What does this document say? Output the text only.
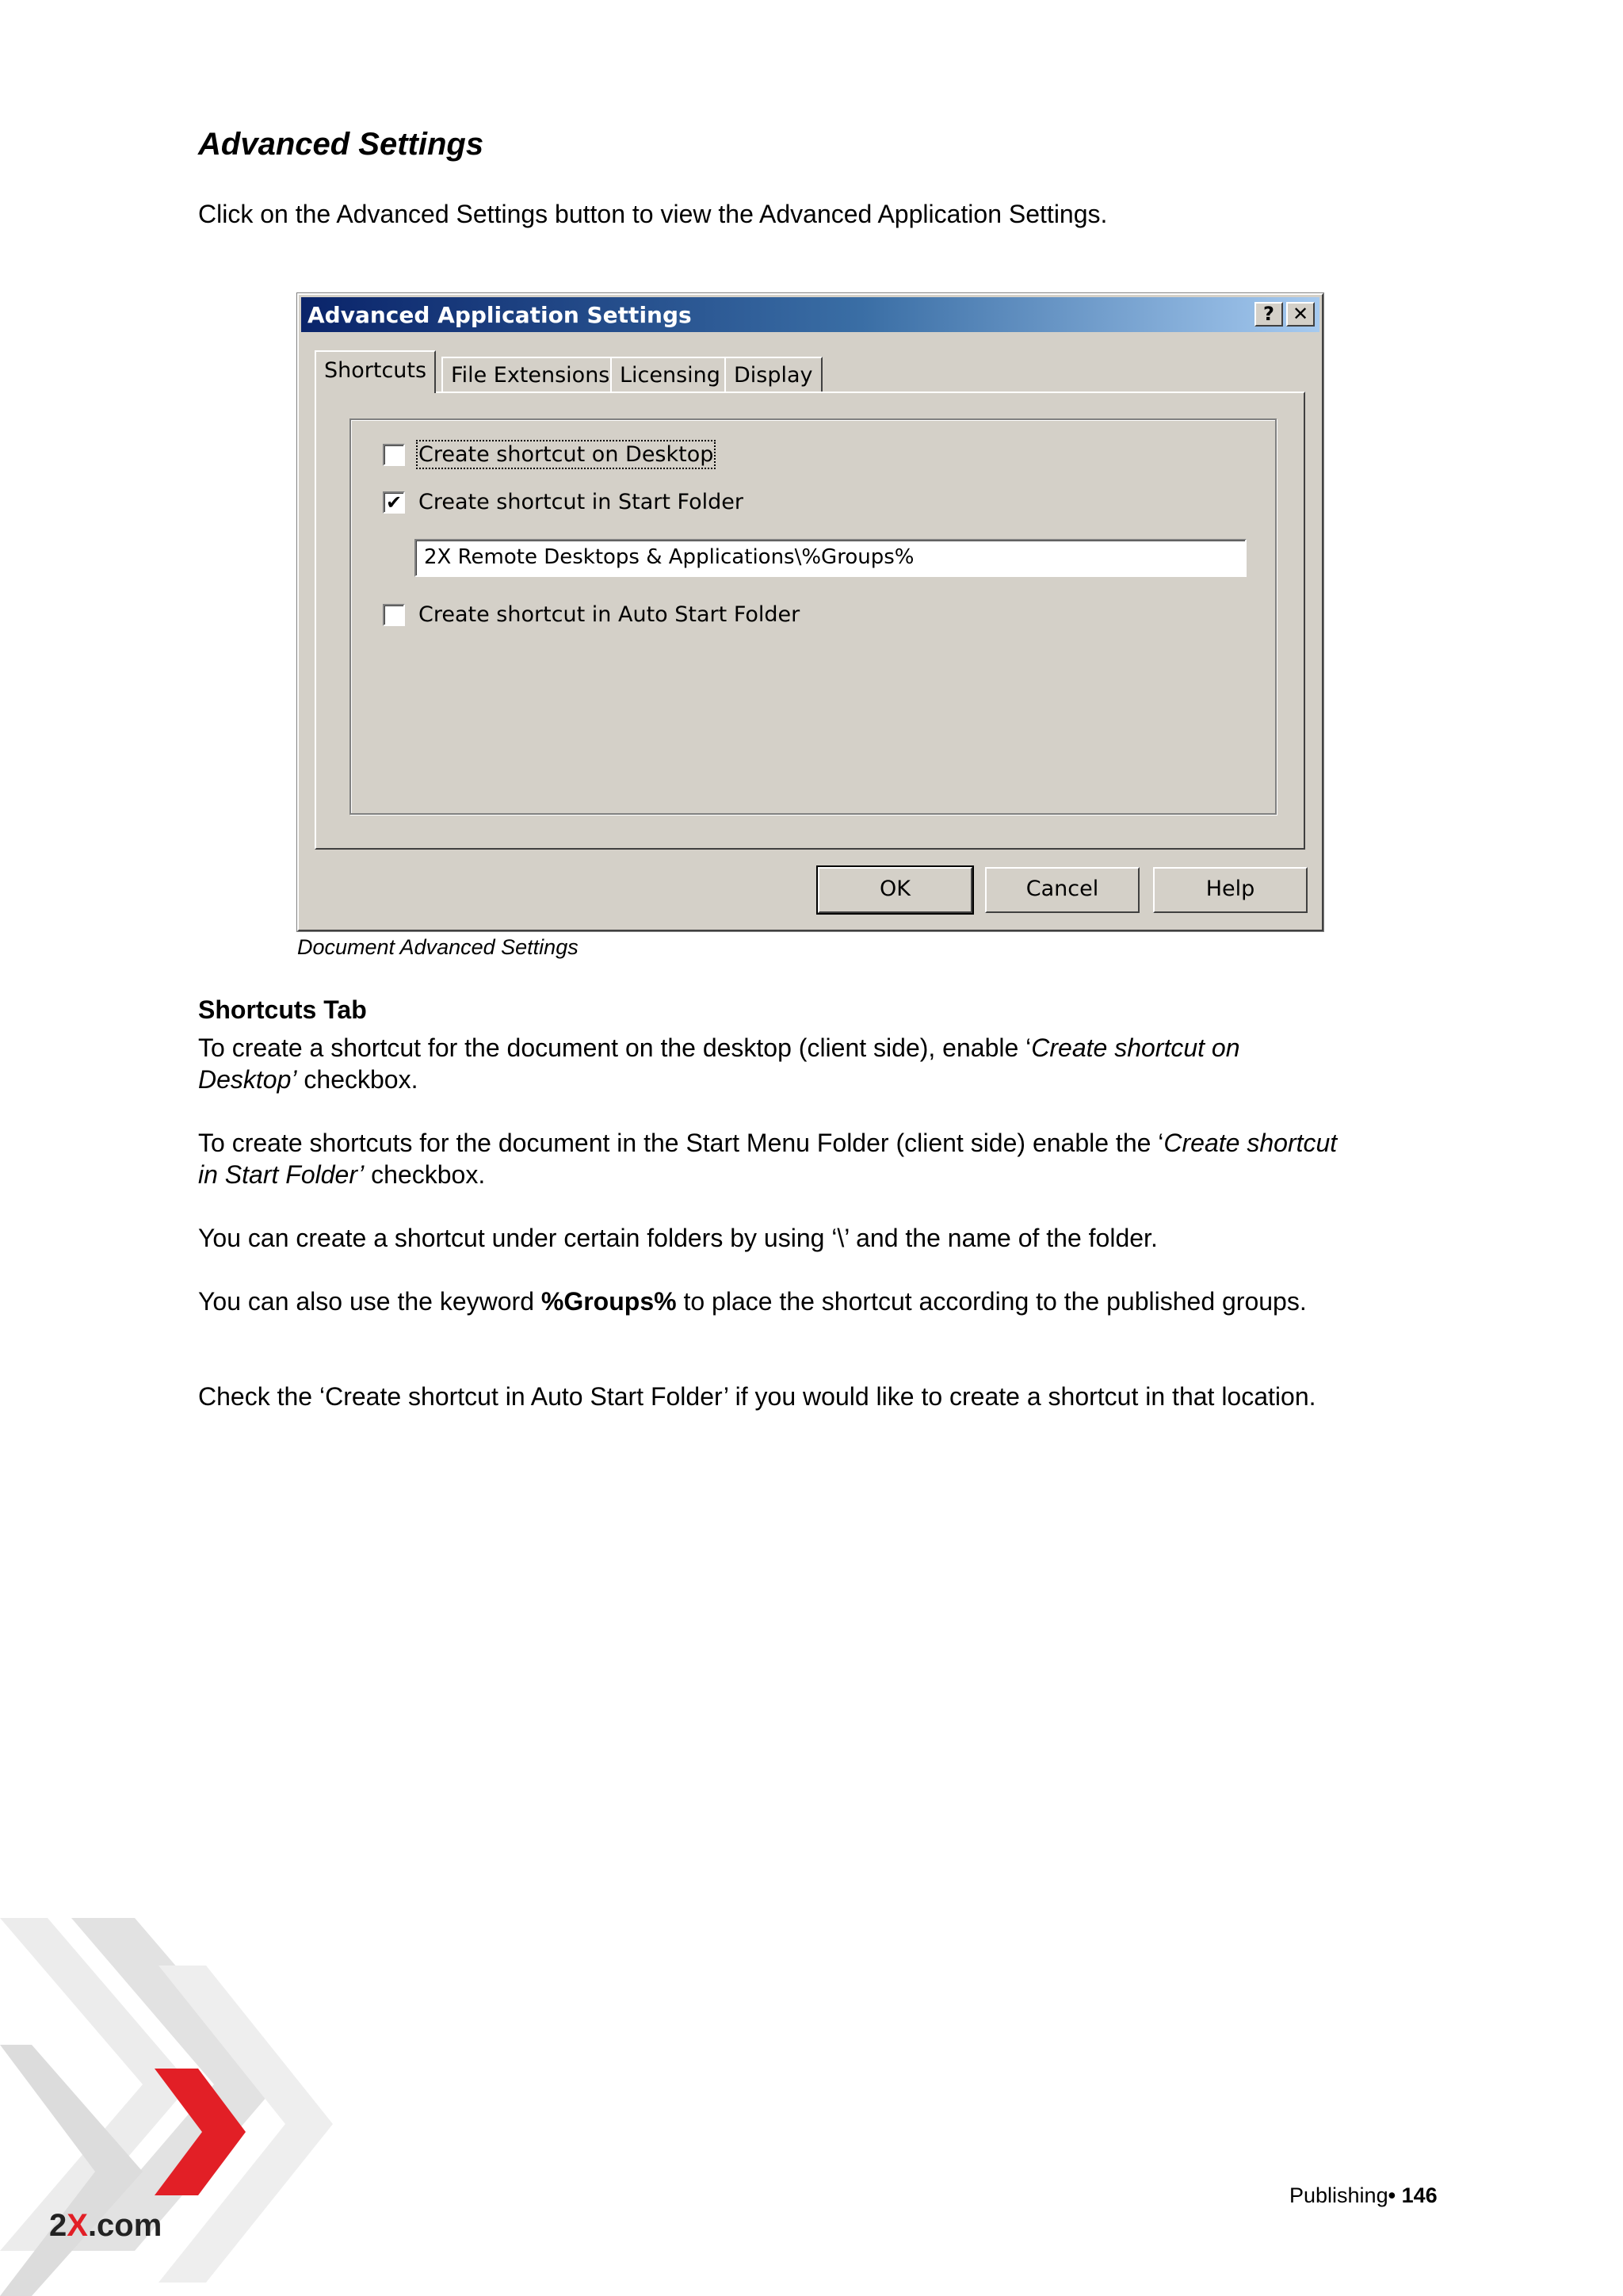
Advanced Settings

Click on the Advanced Settings button to view the Advanced Application Settings.

Advanced Application Settings	? ✕
Shortcuts	File Extensions Licensing Display
Create shortcut on Desktop
✔ Create shortcut in Start Folder
2X Remote Desktops & Applications\%Groups%
Create shortcut in Auto Start Folder
OK	Cancel	Help
Document Advanced Settings
Shortcuts Tab

To create a shortcut for the document on the desktop (client side), enable ‘Create shortcut on Desktop’ checkbox.

To create shortcuts for the document in the Start Menu Folder (client side) enable the ‘Create shortcut in Start Folder’ checkbox.

You can create a shortcut under certain folders by using ‘\’ and the name of the folder.

You can also use the keyword %Groups% to place the shortcut according to the published groups.

Check the ‘Create shortcut in Auto Start Folder’ if you would like to create a shortcut in that location.

2X.com
Publishing• 146
